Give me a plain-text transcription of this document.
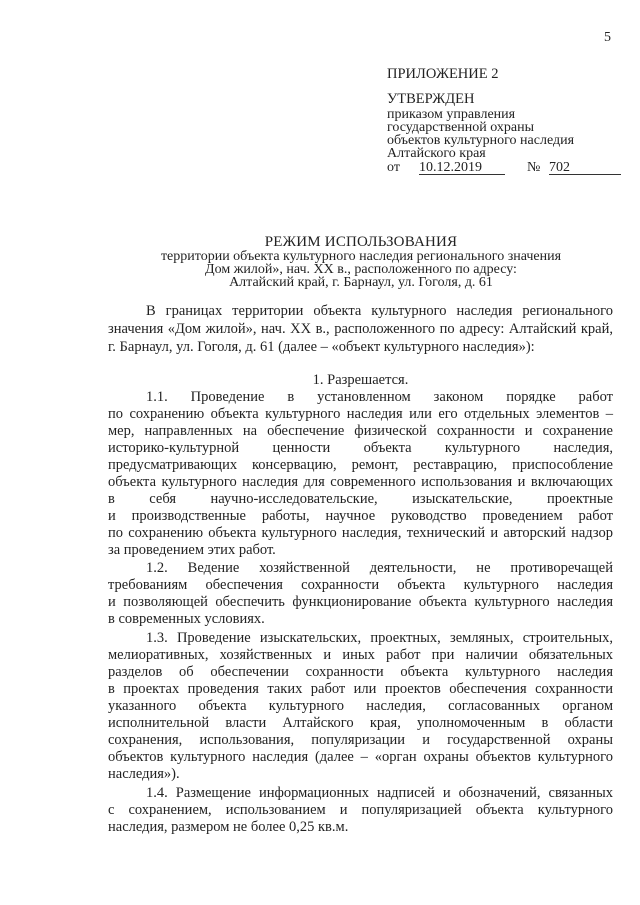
5
ПРИЛОЖЕНИЕ 2
УТВЕРЖДЕН
приказом управления
государственной охраны
объектов культурного наследия
Алтайского края
от 10.12.2019	№ 702
РЕЖИМ ИСПОЛЬЗОВАНИЯ
территории объекта культурного наследия регионального значения
Дом жилой», нач. XX в., расположенного по адресу:
Алтайский край, г. Барнаул, ул. Гоголя, д. 61
В границах территории объекта культурного наследия регионального
значения «Дом жилой», нач. XX в., расположенного по адресу: Алтайский край,
г. Барнаул, ул. Гоголя, д. 61 (далее – «объект культурного наследия»):
1. Разрешается.
1.1. Проведение в установленном законом порядке работ
по сохранению объекта культурного наследия или его отдельных элементов –
мер, направленных на обеспечение физической сохранности и сохранение
историко-культурной ценности объекта культурного наследия,
предусматривающих консервацию, ремонт, реставрацию, приспособление
объекта культурного наследия для современного использования и включающих
в себя научно-исследовательские, изыскательские, проектные
и производственные работы, научное руководство проведением работ
по сохранению объекта культурного наследия, технический и авторский надзор
за проведением этих работ.
1.2. Ведение хозяйственной деятельности, не противоречащей
требованиям обеспечения сохранности объекта культурного наследия
и позволяющей обеспечить функционирование объекта культурного наследия
в современных условиях.
1.3. Проведение изыскательских, проектных, земляных, строительных,
мелиоративных, хозяйственных и иных работ при наличии обязательных
разделов об обеспечении сохранности объекта культурного наследия
в проектах проведения таких работ или проектов обеспечения сохранности
указанного объекта культурного наследия, согласованных органом
исполнительной власти Алтайского края, уполномоченным в области
сохранения, использования, популяризации и государственной охраны
объектов культурного наследия (далее – «орган охраны объектов культурного
наследия»).
1.4. Размещение информационных надписей и обозначений, связанных
с сохранением, использованием и популяризацией объекта культурного
наследия, размером не более 0,25 кв.м.
